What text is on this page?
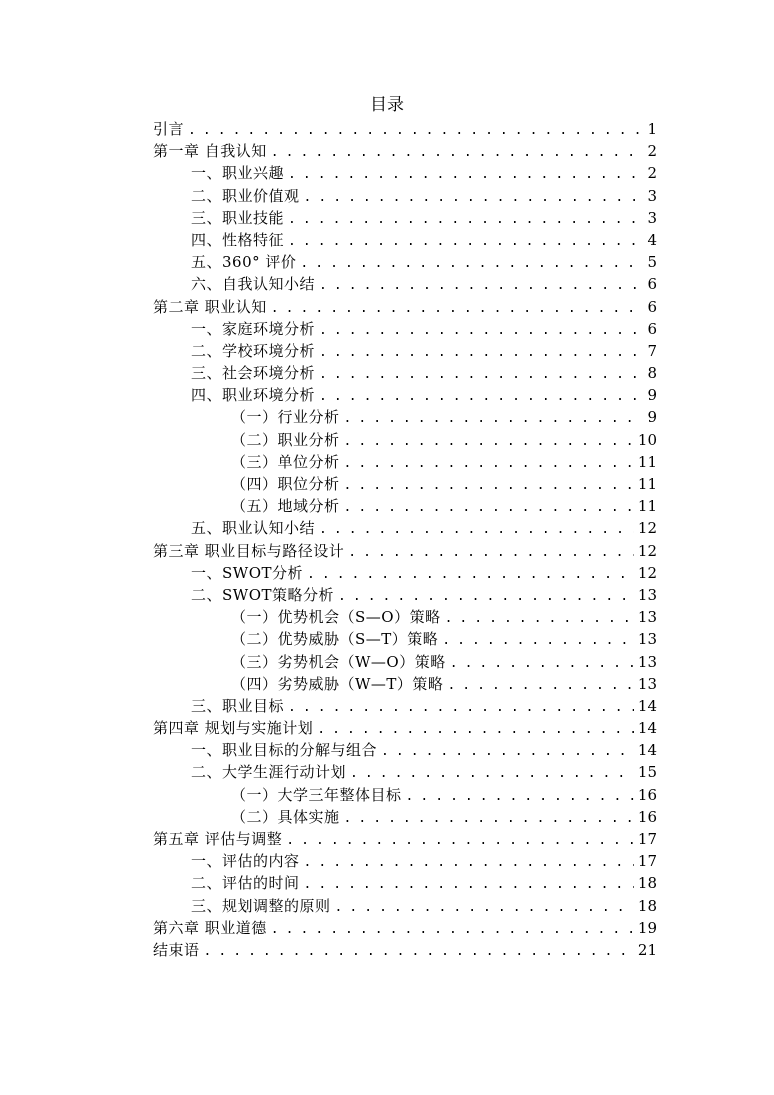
目录
引言 . . .	1
第一章 自我认知 . . .	2
一、职业兴趣 . . .	2
二、职业价值观 . . .	3
三、职业技能 . . .	3
四、性格特征 . . .	4
五、360° 评价 . . .	5
六、自我认知小结 . . .	6
第二章 职业认知 . . .	6
一、家庭环境分析 . . .	6
二、学校环境分析 . . .	7
三、社会环境分析 . . .	8
四、职业环境分析 . . .	9
（一）行业分析 . . .	9
（二）职业分析 . . .	10
（三）单位分析 . . .	11
（四）职位分析 . . .	11
（五）地域分析 . . .	11
五、职业认知小结 . . .	12
第三章 职业目标与路径设计 . . .	12
一、SWOT分析 . . .	12
二、SWOT策略分析 . . .	13
（一）优势机会（S—O）策略 . . .	13
（二）优势威胁（S—T）策略 . . .	13
（三）劣势机会（W—O）策略 . . .	13
（四）劣势威胁（W—T）策略 . . .	13
三、职业目标 . . .	14
第四章 规划与实施计划 . . .	14
一、职业目标的分解与组合 . . .	14
二、大学生涯行动计划 . . .	15
（一）大学三年整体目标 . . .	16
（二）具体实施 . . .	16
第五章 评估与调整 . . .	17
一、评估的内容 . . .	17
二、评估的时间 . . .	18
三、规划调整的原则 . . .	18
第六章 职业道德 . . .	19
结束语 . . .	21
